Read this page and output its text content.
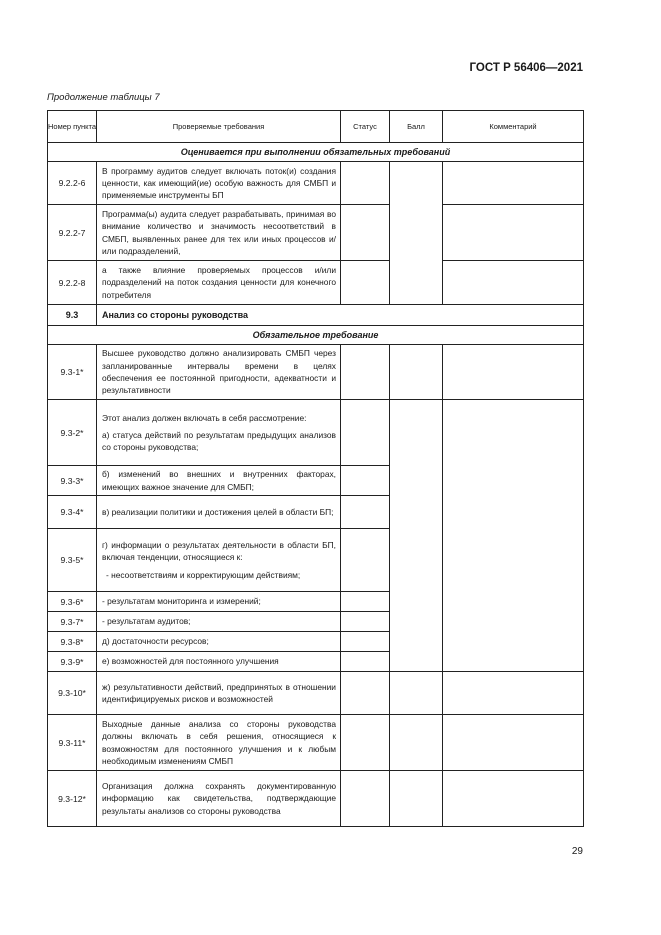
ГОСТ Р 56406—2021
Продолжение таблицы 7
Номер пункта	Проверяемые требования	Статус	Балл	Комментарий
Оценивается при выполнении обязательных требований				
9.2.2-6	В программу аудитов следует включать поток(и) создания ценности, как имеющий(ие) особую важность для СМБП и применяемые инструменты БП			
9.2.2-7	Программа(ы) аудита следует разрабатывать, принимая во внимание количество и значимость несоответствий в СМБП, выявленных ранее для тех или иных процессов и/или подразделений,			
9.2.2-8	а также влияние проверяемых процессов и/или подразделений на поток создания ценности для конечного потребителя			
9.3	Анализ со стороны руководства			
Обязательное требование				
9.3-1*	Высшее руководство должно анализировать СМБП через запланированные интервалы времени в целях обеспечения ее постоянной пригодности, адекватности и результативности			
9.3-2*	Этот анализ должен включать в себя рассмотрение:

а) статуса действий по результатам предыдущих анализов со стороны руководства;			

9.3-3*	б) изменений во внешних и внутренних факторах, имеющих важное значение для СМБП;			
9.3-4*	в) реализации политики и достижения целей в области БП;			
9.3-5*	г) информации о результатах деятельности в области БП, включая тенденции, относящиеся к:

- несоответствиям и корректирующим действиям;			

9.3-6*	- результатам мониторинга и измерений;			
9.3-7*	- результатам аудитов;			
9.3-8*	д) достаточности ресурсов;			
9.3-9*	е) возможностей для постоянного улучшения			
9.3-10*	ж) результативности действий, предпринятых в отношении идентифицируемых рисков и возможностей			
9.3-11*	Выходные данные анализа со стороны руководства должны включать в себя решения, относящиеся к возможностям для постоянного улучшения и к любым необходимым изменениям СМБП			
9.3-12*	Организация должна сохранять документированную информацию как свидетельства, подтверждающие результаты анализов со стороны руководства			
29
